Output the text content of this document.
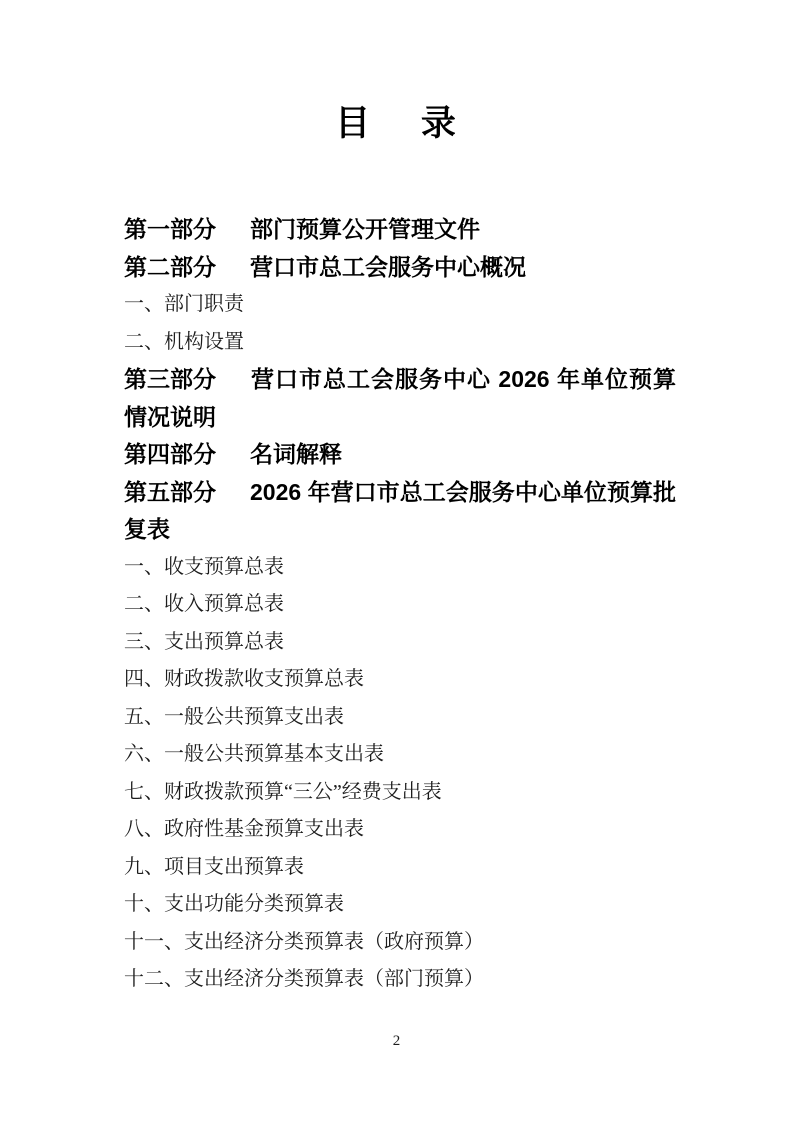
目　 录

第一部分 部门预算公开管理文件

第二部分 营口市总工会服务中心概况

一、部门职责

二、机构设置

第三部分 营口市总工会服务中心 2026 年单位预算情况说明

第四部分 名词解释

第五部分 2026 年营口市总工会服务中心单位预算批复表

一、收支预算总表

二、收入预算总表

三、支出预算总表

四、财政拨款收支预算总表

五、一般公共预算支出表

六、一般公共预算基本支出表

七、财政拨款预算“三公”经费支出表

八、政府性基金预算支出表

九、项目支出预算表

十、支出功能分类预算表

十一、支出经济分类预算表（政府预算）

十二、支出经济分类预算表（部门预算）

2
